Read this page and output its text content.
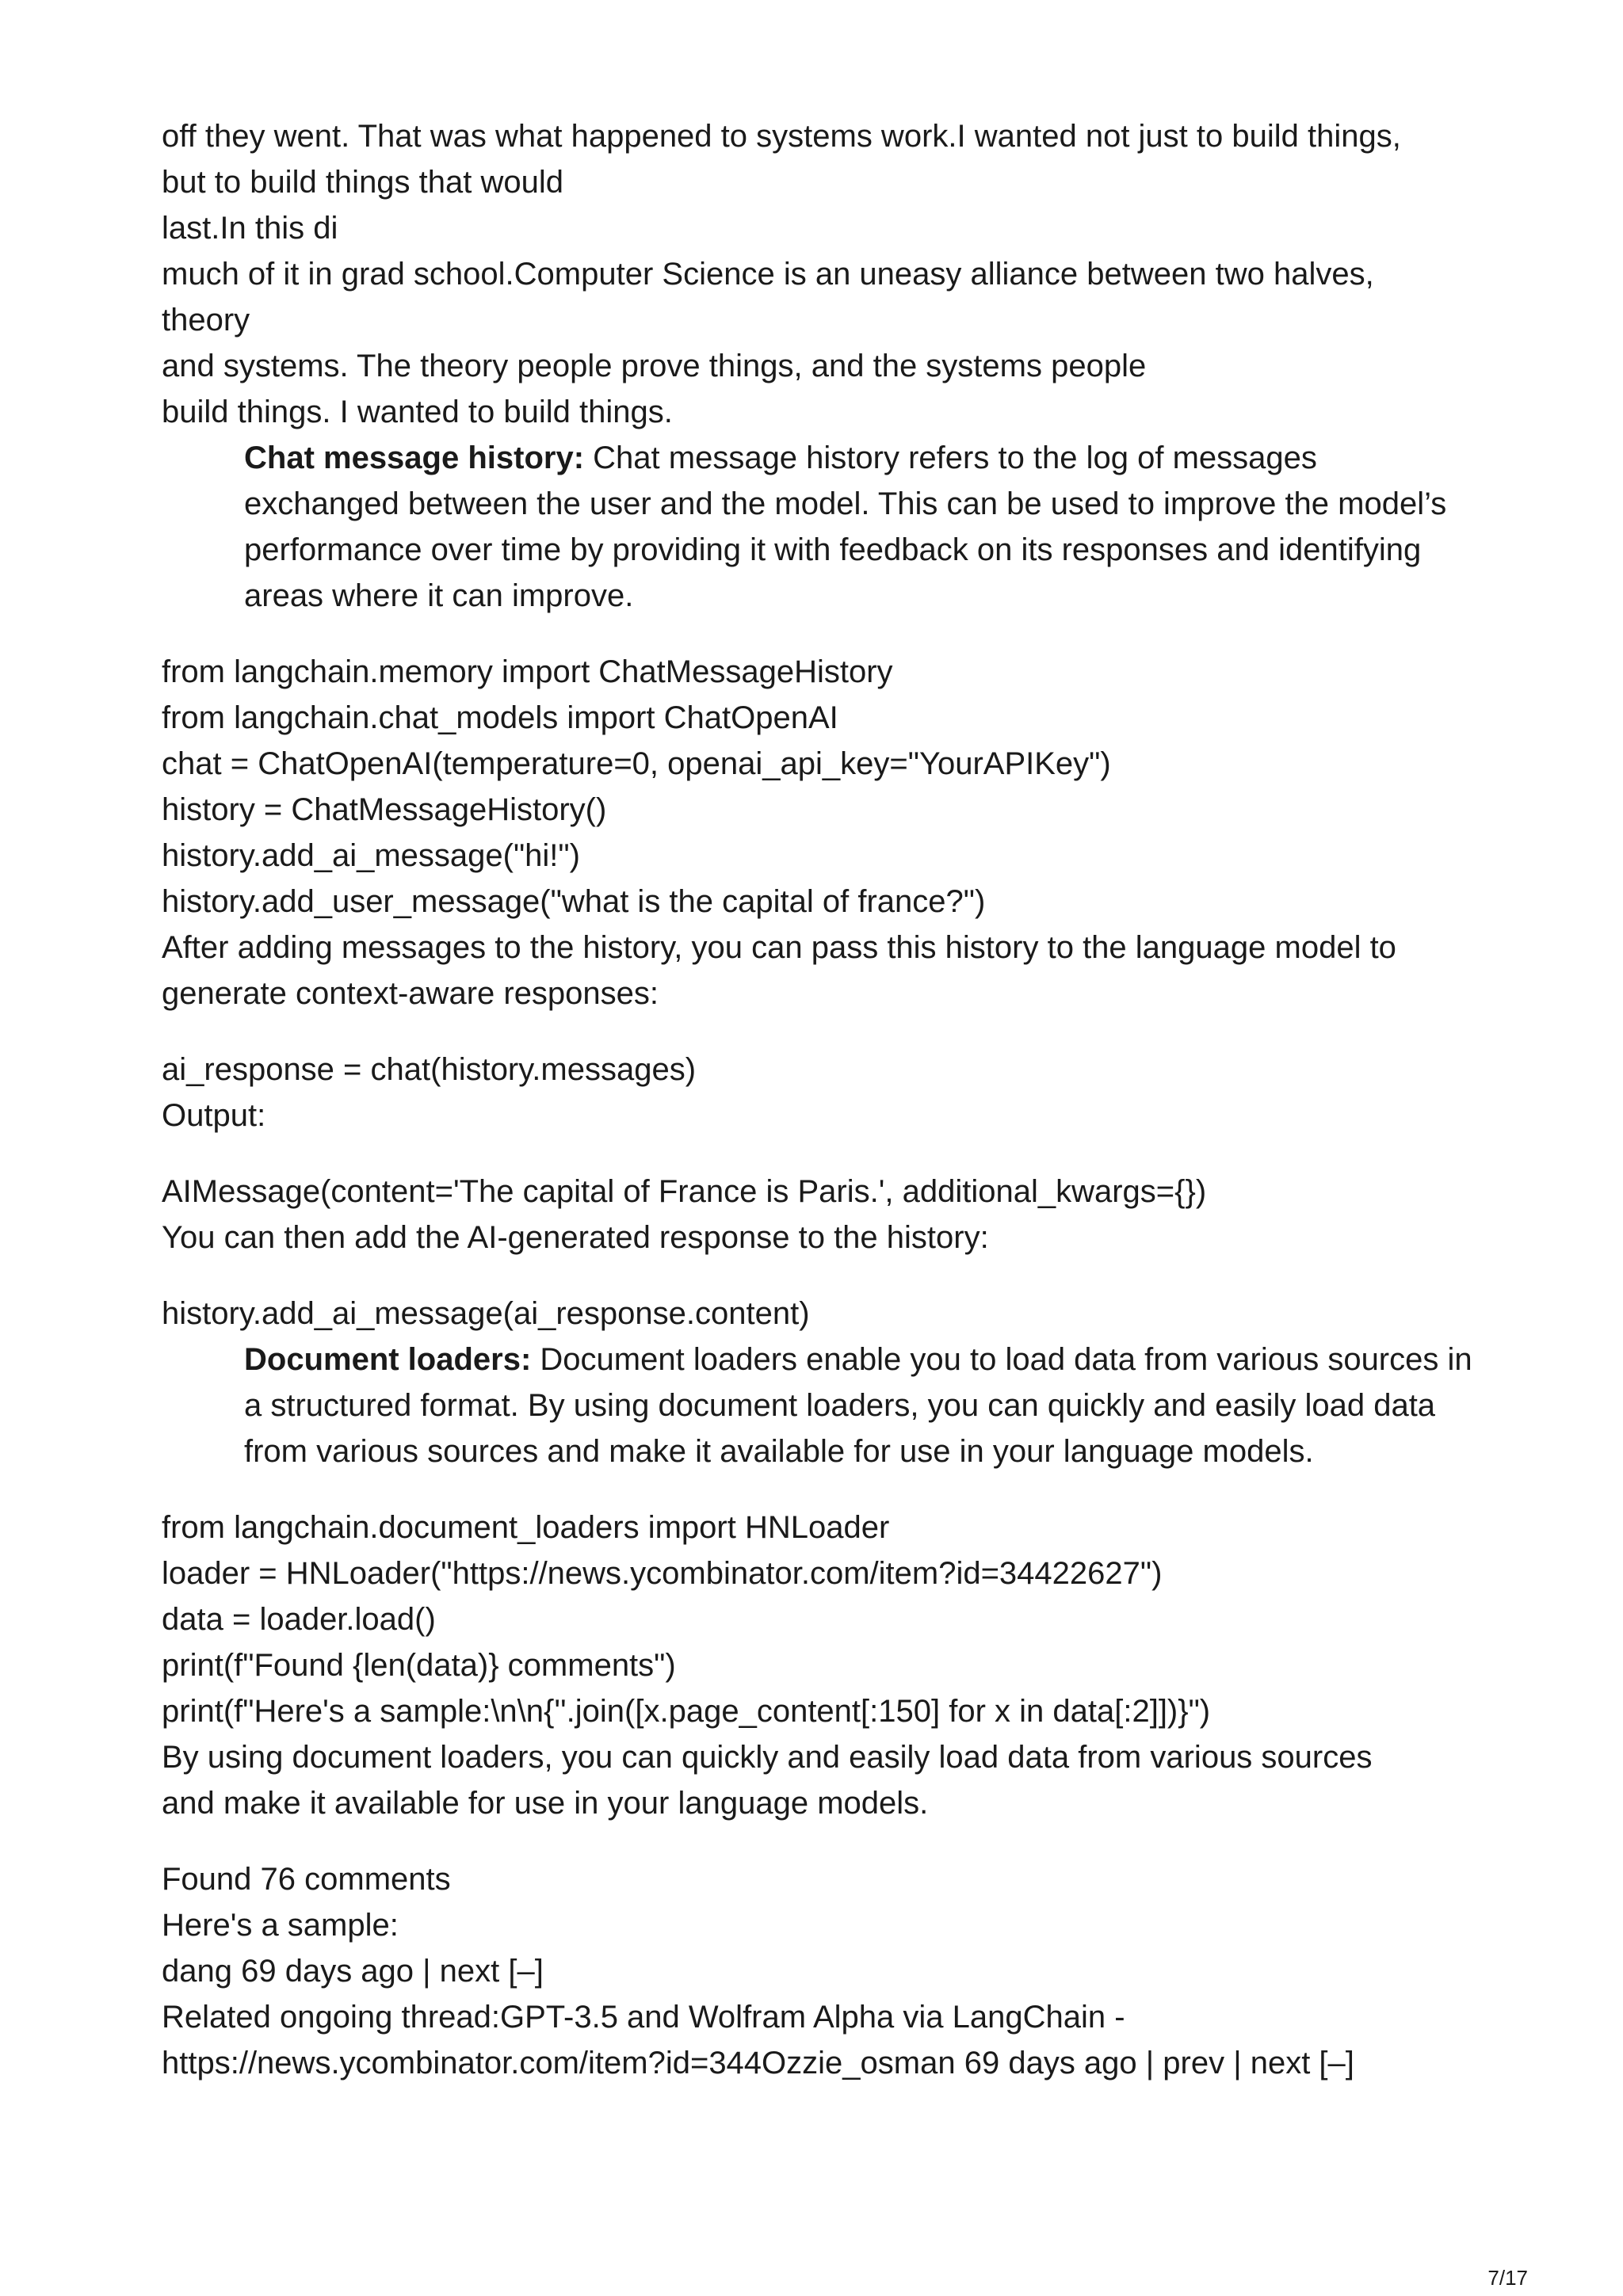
off they went. That was what happened to systems work.I wanted not just to build things,
but to build things that would
last.In this di
much of it in grad school.Computer Science is an uneasy alliance between two halves,
theory
and systems. The theory people prove things, and the systems people
build things. I wanted to build things.
Chat message history: Chat message history refers to the log of messages exchanged between the user and the model. This can be used to improve the model’s performance over time by providing it with feedback on its responses and identifying areas where it can improve.
from langchain.memory import ChatMessageHistory
from langchain.chat_models import ChatOpenAI
chat = ChatOpenAI(temperature=0, openai_api_key="YourAPIKey")
history = ChatMessageHistory()
history.add_ai_message("hi!")
history.add_user_message("what is the capital of france?")
After adding messages to the history, you can pass this history to the language model to
generate context-aware responses:
ai_response = chat(history.messages)
Output:
AIMessage(content='The capital of France is Paris.', additional_kwargs={})
You can then add the AI-generated response to the history:
history.add_ai_message(ai_response.content)
Document loaders: Document loaders enable you to load data from various sources in a structured format. By using document loaders, you can quickly and easily load data from various sources and make it available for use in your language models.
from langchain.document_loaders import HNLoader
loader = HNLoader("https://news.ycombinator.com/item?id=34422627")
data = loader.load()
print(f"Found {len(data)} comments")
print(f"Here's a sample:\n\n{''.join([x.page_content[:150] for x in data[:2]])}")
By using document loaders, you can quickly and easily load data from various sources
and make it available for use in your language models.
Found 76 comments
Here's a sample:
dang 69 days ago | next [–]
Related ongoing thread:GPT-3.5 and Wolfram Alpha via LangChain -
https://news.ycombinator.com/item?id=344Ozzie_osman 69 days ago | prev | next [–]
7/17
